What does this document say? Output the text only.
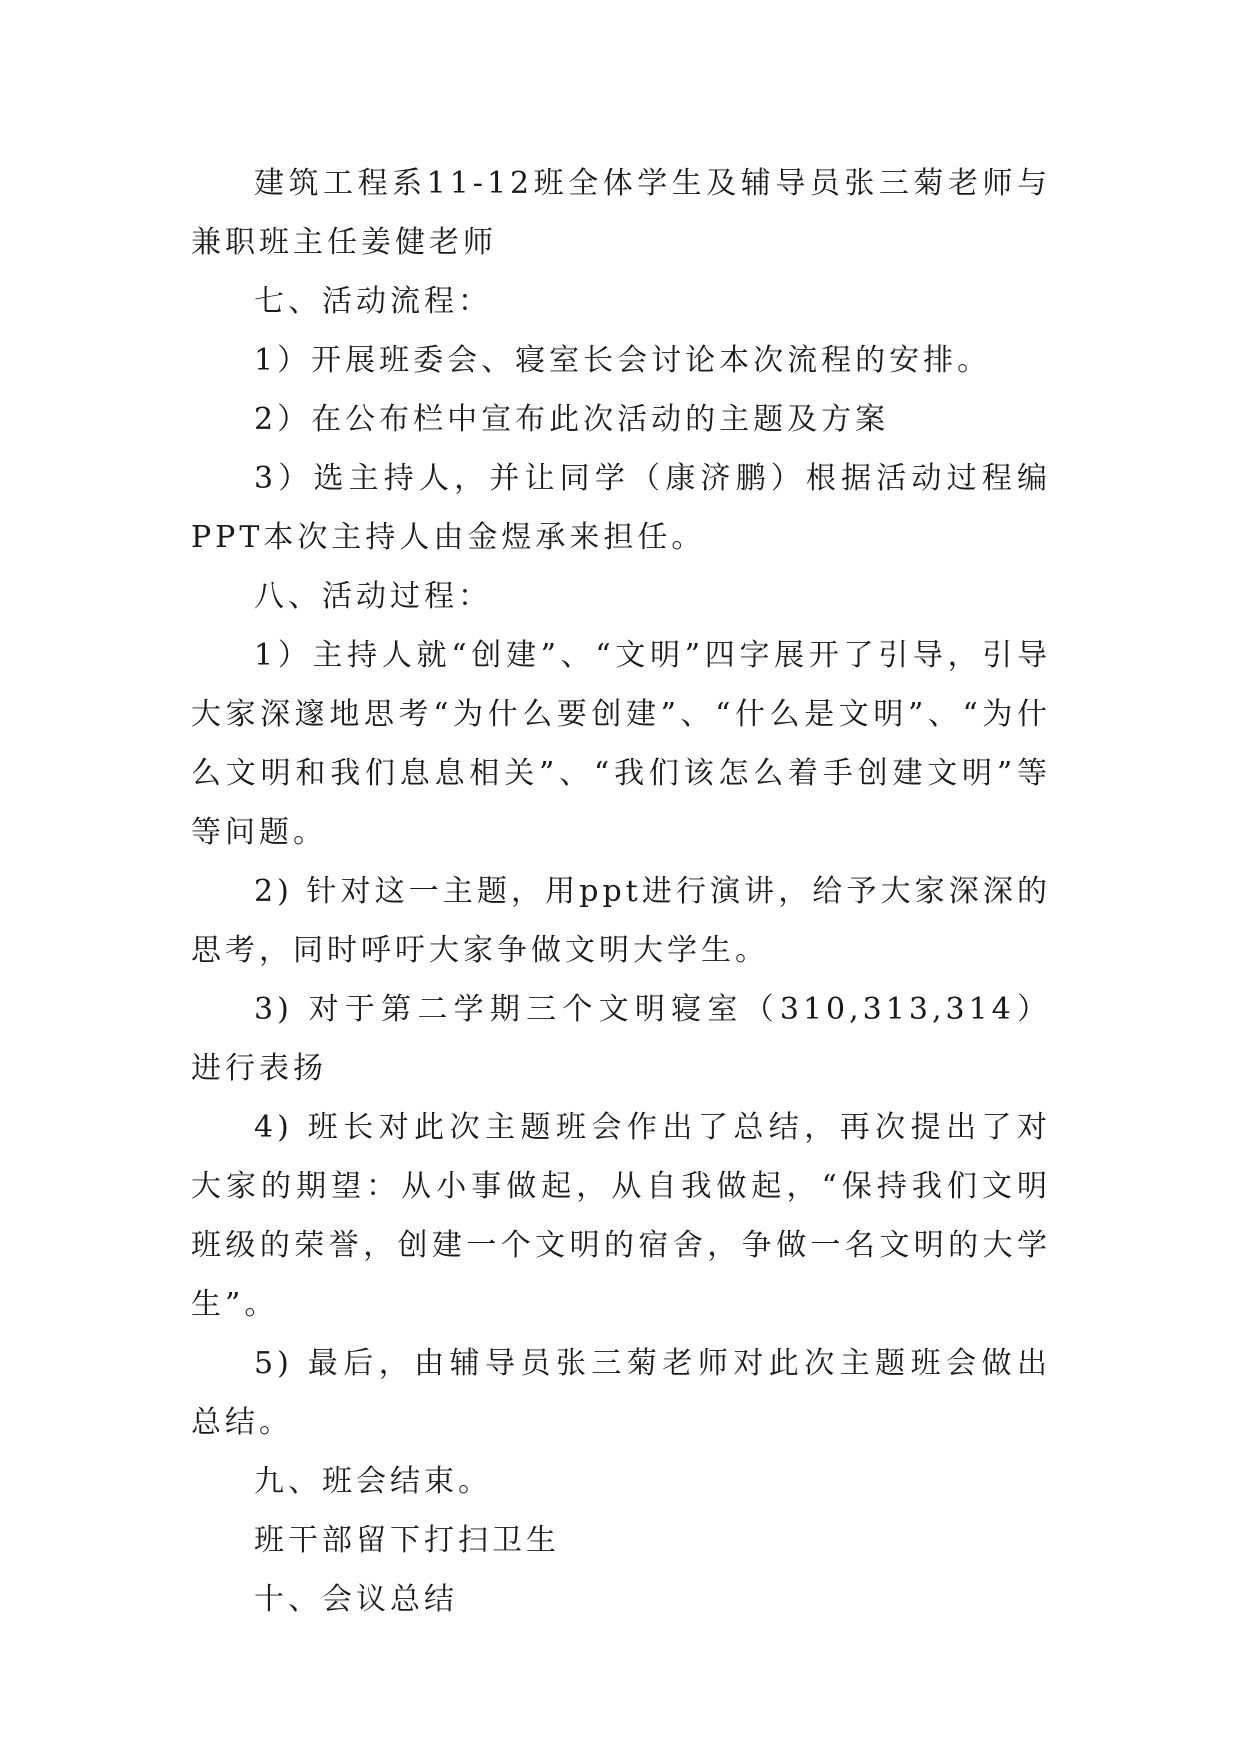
建筑工程系11-12班全体学生及辅导员张三菊老师与兼职班主任姜健老师

七、活动流程：

1）开展班委会、寝室长会讨论本次流程的安排。

2）在公布栏中宣布此次活动的主题及方案

3）选主持人，并让同学（康济鹏）根据活动过程编PPT本次主持人由金煜承来担任。

八、活动过程：

1）主持人就“创建”、“文明”四字展开了引导，引导大家深邃地思考“为什么要创建”、“什么是文明”、“为什么文明和我们息息相关”、“我们该怎么着手创建文明”等等问题。

2) 针对这一主题，用ppt进行演讲，给予大家深深的思考，同时呼吁大家争做文明大学生。

3) 对于第二学期三个文明寝室（310,313,314）进行表扬

4) 班长对此次主题班会作出了总结，再次提出了对大家的期望：从小事做起，从自我做起，“保持我们文明班级的荣誉，创建一个文明的宿舍，争做一名文明的大学生”。

5) 最后，由辅导员张三菊老师对此次主题班会做出总结。

九、班会结束。

班干部留下打扫卫生

十、会议总结
